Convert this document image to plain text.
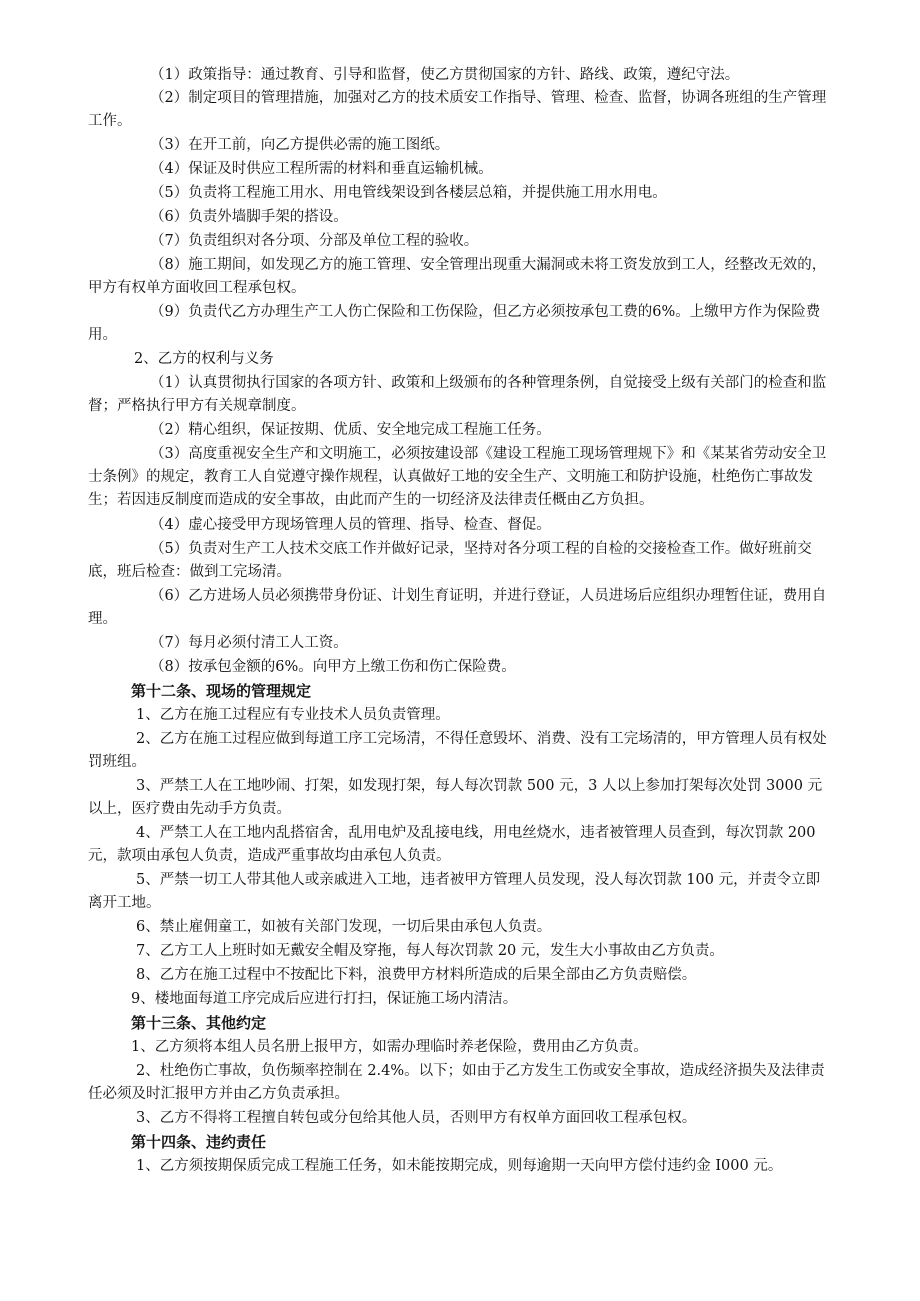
（1）政策指导：通过教育、引导和监督，使乙方贯彻国家的方针、路线、政策，遵纪守法。

（2）制定项目的管理措施，加强对乙方的技术质安工作指导、管理、检查、监督，协调各班组的生产管理工作。

（3）在开工前，向乙方提供必需的施工图纸。

（4）保证及时供应工程所需的材料和垂直运输机械。

（5）负责将工程施工用水、用电管线架设到各楼层总箱，并提供施工用水用电。

（6）负责外墙脚手架的搭设。

（7）负责组织对各分项、分部及单位工程的验收。

（8）施工期间，如发现乙方的施工管理、安全管理出现重大漏洞或未将工资发放到工人，经整改无效的，甲方有权单方面收回工程承包权。

（9）负责代乙方办理生产工人伤亡保险和工伤保险，但乙方必须按承包工费的6%。上缴甲方作为保险费用。

2、乙方的权利与义务

（1）认真贯彻执行国家的各项方针、政策和上级颁布的各种管理条例，自觉接受上级有关部门的检查和监督；严格执行甲方有关规章制度。

（2）精心组织，保证按期、优质、安全地完成工程施工任务。

（3）高度重视安全生产和文明施工，必须按建设部《建设工程施工现场管理规下》和《某某省劳动安全卫士条例》的规定，教育工人自觉遵守操作规程，认真做好工地的安全生产、文明施工和防护设施，杜绝伤亡事故发生；若因违反制度而造成的安全事故，由此而产生的一切经济及法律责任概由乙方负担。

（4）虚心接受甲方现场管理人员的管理、指导、检查、督促。

（5）负责对生产工人技术交底工作并做好记录，坚持对各分项工程的自检的交接检查工作。做好班前交底，班后检查：做到工完场清。

（6）乙方进场人员必须携带身份证、计划生育证明，并进行登证，人员进场后应组织办理暂住证，费用自理。

（7）每月必须付清工人工资。

（8）按承包金额的6%。向甲方上缴工伤和伤亡保险费。

第十二条、现场的管理规定

1、乙方在施工过程应有专业技术人员负责管理。

2、乙方在施工过程应做到每道工序工完场清，不得任意毁坏、消费、没有工完场清的，甲方管理人员有权处罚班组。

3、严禁工人在工地吵闹、打架，如发现打架，每人每次罚款 500 元，3 人以上参加打架每次处罚 3000 元以上，医疗费由先动手方负责。

4、严禁工人在工地内乱搭宿舍，乱用电炉及乱接电线，用电丝烧水，违者被管理人员查到，每次罚款 200 元，款项由承包人负责，造成严重事故均由承包人负责。

5、严禁一切工人带其他人或亲戚进入工地，违者被甲方管理人员发现，没人每次罚款 100 元，并责令立即离开工地。

6、禁止雇佣童工，如被有关部门发现，一切后果由承包人负责。

7、乙方工人上班时如无戴安全帽及穿拖，每人每次罚款 20 元，发生大小事故由乙方负责。

8、乙方在施工过程中不按配比下料，浪费甲方材料所造成的后果全部由乙方负责赔偿。

9、楼地面每道工序完成后应进行打扫，保证施工场内清洁。

第十三条、其他约定

1、乙方须将本组人员名册上报甲方，如需办理临时养老保险，费用由乙方负责。

2、杜绝伤亡事故，负伤频率控制在 2.4%。以下；如由于乙方发生工伤或安全事故，造成经济损失及法律责任必须及时汇报甲方并由乙方负责承担。

3、乙方不得将工程擅自转包或分包给其他人员，否则甲方有权单方面回收工程承包权。

第十四条、违约责任

1、乙方须按期保质完成工程施工任务，如未能按期完成，则每逾期一天向甲方偿付违约金 I000 元。
